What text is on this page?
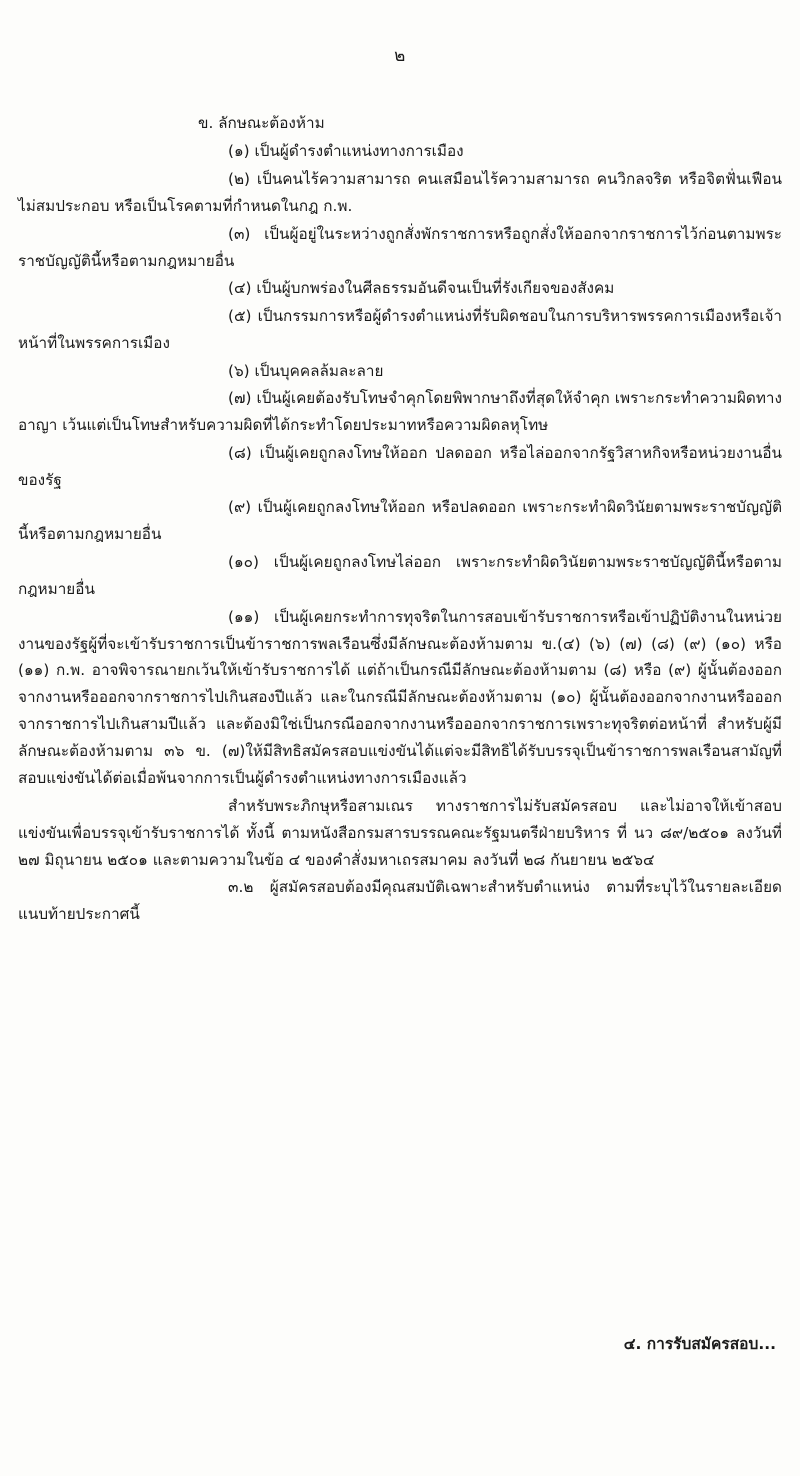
๒

ข. ลักษณะต้องห้าม

(๑) เป็นผู้ดำรงตำแหน่งทางการเมือง

(๒) เป็นคนไร้ความสามารถ คนเสมือนไร้ความสามารถ คนวิกลจริต หรือจิตฟั่นเฟือนไม่สมประกอบ หรือเป็นโรคตามที่กำหนดในกฎ ก.พ.

(๓) เป็นผู้อยู่ในระหว่างถูกสั่งพักราชการหรือถูกสั่งให้ออกจากราชการไว้ก่อนตามพระราชบัญญัตินี้หรือตามกฎหมายอื่น

(๔) เป็นผู้บกพร่องในศีลธรรมอันดีจนเป็นที่รังเกียจของสังคม

(๕) เป็นกรรมการหรือผู้ดำรงตำแหน่งที่รับผิดชอบในการบริหารพรรคการเมืองหรือเจ้าหน้าที่ในพรรคการเมือง

(๖) เป็นบุคคลล้มละลาย

(๗) เป็นผู้เคยต้องรับโทษจำคุกโดยพิพากษาถึงที่สุดให้จำคุก เพราะกระทำความผิดทางอาญา เว้นแต่เป็นโทษสำหรับความผิดที่ได้กระทำโดยประมาทหรือความผิดลหุโทษ

(๘) เป็นผู้เคยถูกลงโทษให้ออก ปลดออก หรือไล่ออกจากรัฐวิสาหกิจหรือหน่วยงานอื่นของรัฐ

(๙) เป็นผู้เคยถูกลงโทษให้ออก หรือปลดออก เพราะกระทำผิดวินัยตามพระราชบัญญัตินี้หรือตามกฎหมายอื่น

(๑๐) เป็นผู้เคยถูกลงโทษไล่ออก เพราะกระทำผิดวินัยตามพระราชบัญญัตินี้หรือตามกฎหมายอื่น

(๑๑) เป็นผู้เคยกระทำการทุจริตในการสอบเข้ารับราชการหรือเข้าปฏิบัติงานในหน่วยงานของรัฐผู้ที่จะเข้ารับราชการเป็นข้าราชการพลเรือนซึ่งมีลักษณะต้องห้ามตาม ข.(๔) (๖) (๗) (๘) (๙) (๑๐) หรือ (๑๑) ก.พ. อาจพิจารณายกเว้นให้เข้ารับราชการได้ แต่ถ้าเป็นกรณีมีลักษณะต้องห้ามตาม (๘) หรือ (๙) ผู้นั้นต้องออกจากงานหรือออกจากราชการไปเกินสองปีแล้ว และในกรณีมีลักษณะต้องห้ามตาม (๑๐) ผู้นั้นต้องออกจากงานหรือออกจากราชการไปเกินสามปีแล้ว และต้องมิใช่เป็นกรณีออกจากงานหรือออกจากราชการเพราะทุจริตต่อหน้าที่ สำหรับผู้มีลักษณะต้องห้ามตาม ๓๖ ข. (๗)ให้มีสิทธิสมัครสอบแข่งขันได้แต่จะมีสิทธิได้รับบรรจุเป็นข้าราชการพลเรือนสามัญที่สอบแข่งขันได้ต่อเมื่อพ้นจากการเป็นผู้ดำรงตำแหน่งทางการเมืองแล้ว

สำหรับพระภิกษุหรือสามเณร ทางราชการไม่รับสมัครสอบ และไม่อาจให้เข้าสอบแข่งขันเพื่อบรรจุเข้ารับราชการได้ ทั้งนี้ ตามหนังสือกรมสารบรรณคณะรัฐมนตรีฝ่ายบริหาร ที่ นว ๘๙/๒๕๐๑ ลงวันที่ ๒๗ มิถุนายน ๒๕๐๑ และตามความในข้อ ๔ ของคำสั่งมหาเถรสมาคม ลงวันที่ ๒๘ กันยายน ๒๕๖๔

๓.๒ ผู้สมัครสอบต้องมีคุณสมบัติเฉพาะสำหรับตำแหน่ง ตามที่ระบุไว้ในรายละเอียดแนบท้ายประกาศนี้

๔. การรับสมัครสอบ...
